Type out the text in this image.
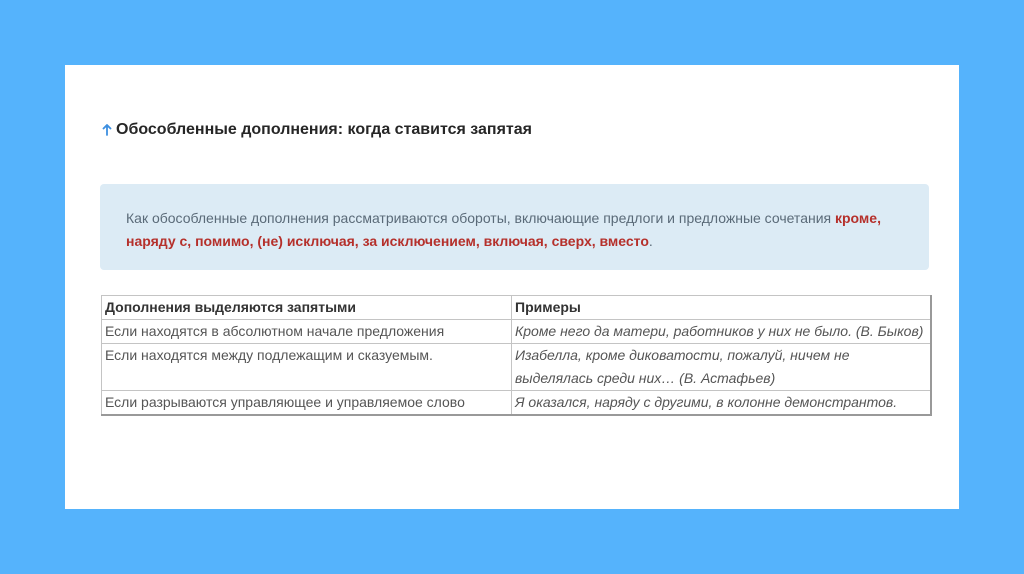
Обособленные дополнения: когда ставится запятая
Как обособленные дополнения рассматриваются обороты, включающие предлоги и предложные сочетания кроме, наряду с, помимо, (не) исключая, за исключением, включая, сверх, вместо.
Дополнения выделяются запятыми	Примеры
Если находятся в абсолютном начале предложения	Кроме него да матери, работников у них не было. (В. Быков)
Если находятся между подлежащим и сказуемым.	Изабелла, кроме диковатости, пожалуй, ничем не выделялась среди них… (В. Астафьев)
Если разрываются управляющее и управляемое слово	Я оказался, наряду с другими, в колонне демонстрантов.
